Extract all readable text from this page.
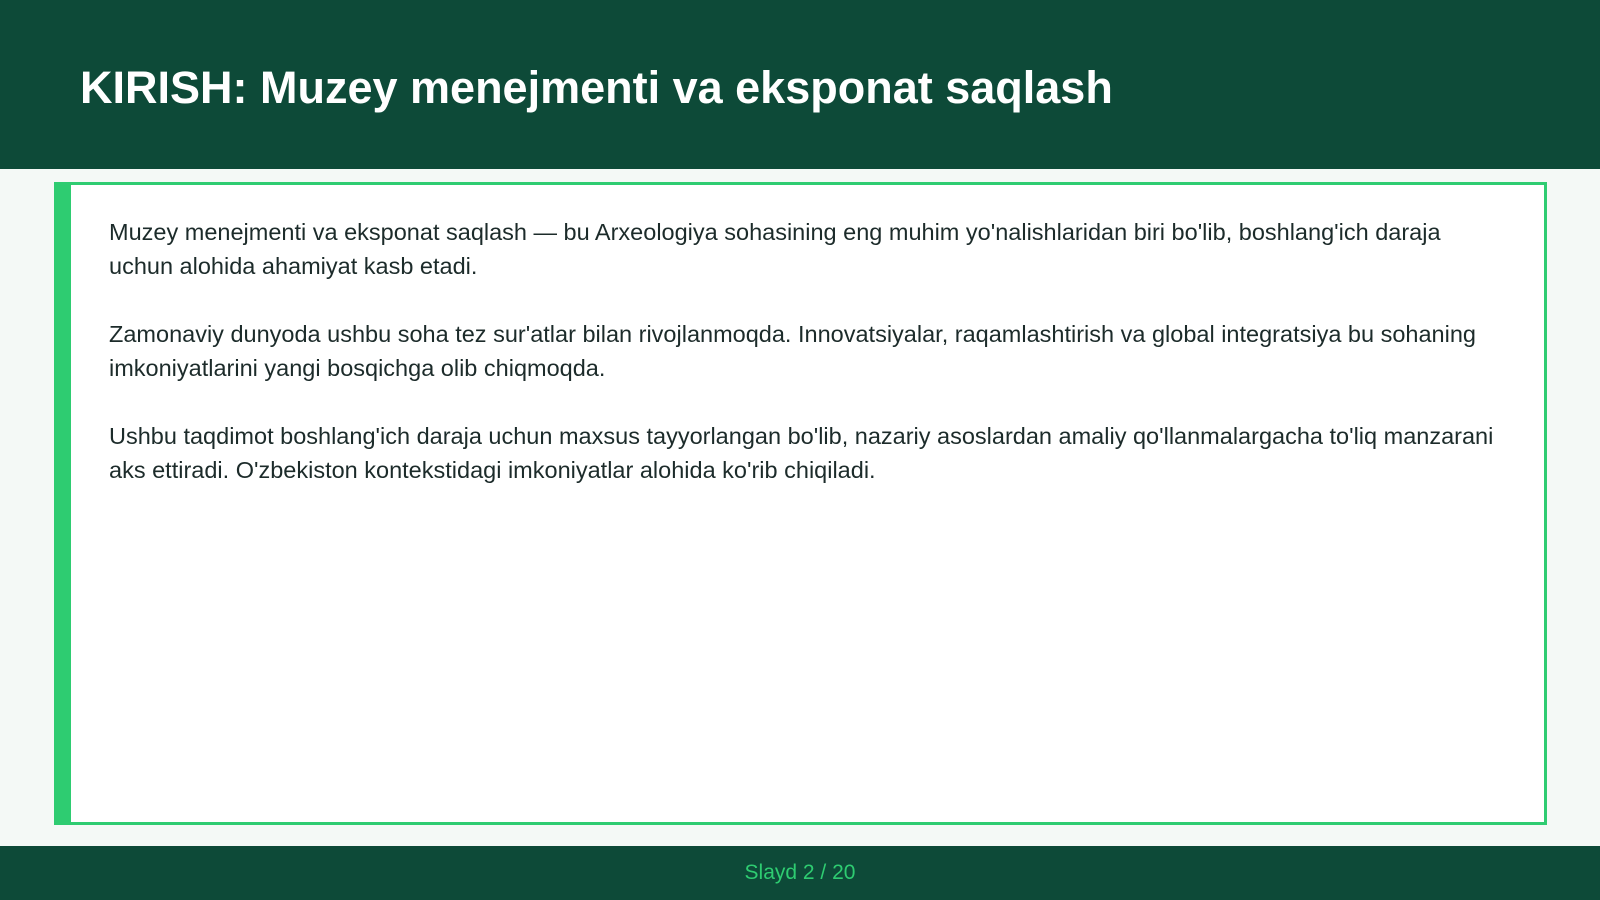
KIRISH: Muzey menejmenti va eksponat saqlash

Muzey menejmenti va eksponat saqlash — bu Arxeologiya sohasining eng muhim yo'nalishlaridan biri bo'lib, boshlang'ich daraja uchun alohida ahamiyat kasb etadi.

Zamonaviy dunyoda ushbu soha tez sur'atlar bilan rivojlanmoqda. Innovatsiyalar, raqamlashtirish va global integratsiya bu sohaning imkoniyatlarini yangi bosqichga olib chiqmoqda.

Ushbu taqdimot boshlang'ich daraja uchun maxsus tayyorlangan bo'lib, nazariy asoslardan amaliy qo'llanmalargacha to'liq manzarani aks ettiradi. O'zbekiston kontekstidagi imkoniyatlar alohida ko'rib chiqiladi.

Slayd 2 / 20
